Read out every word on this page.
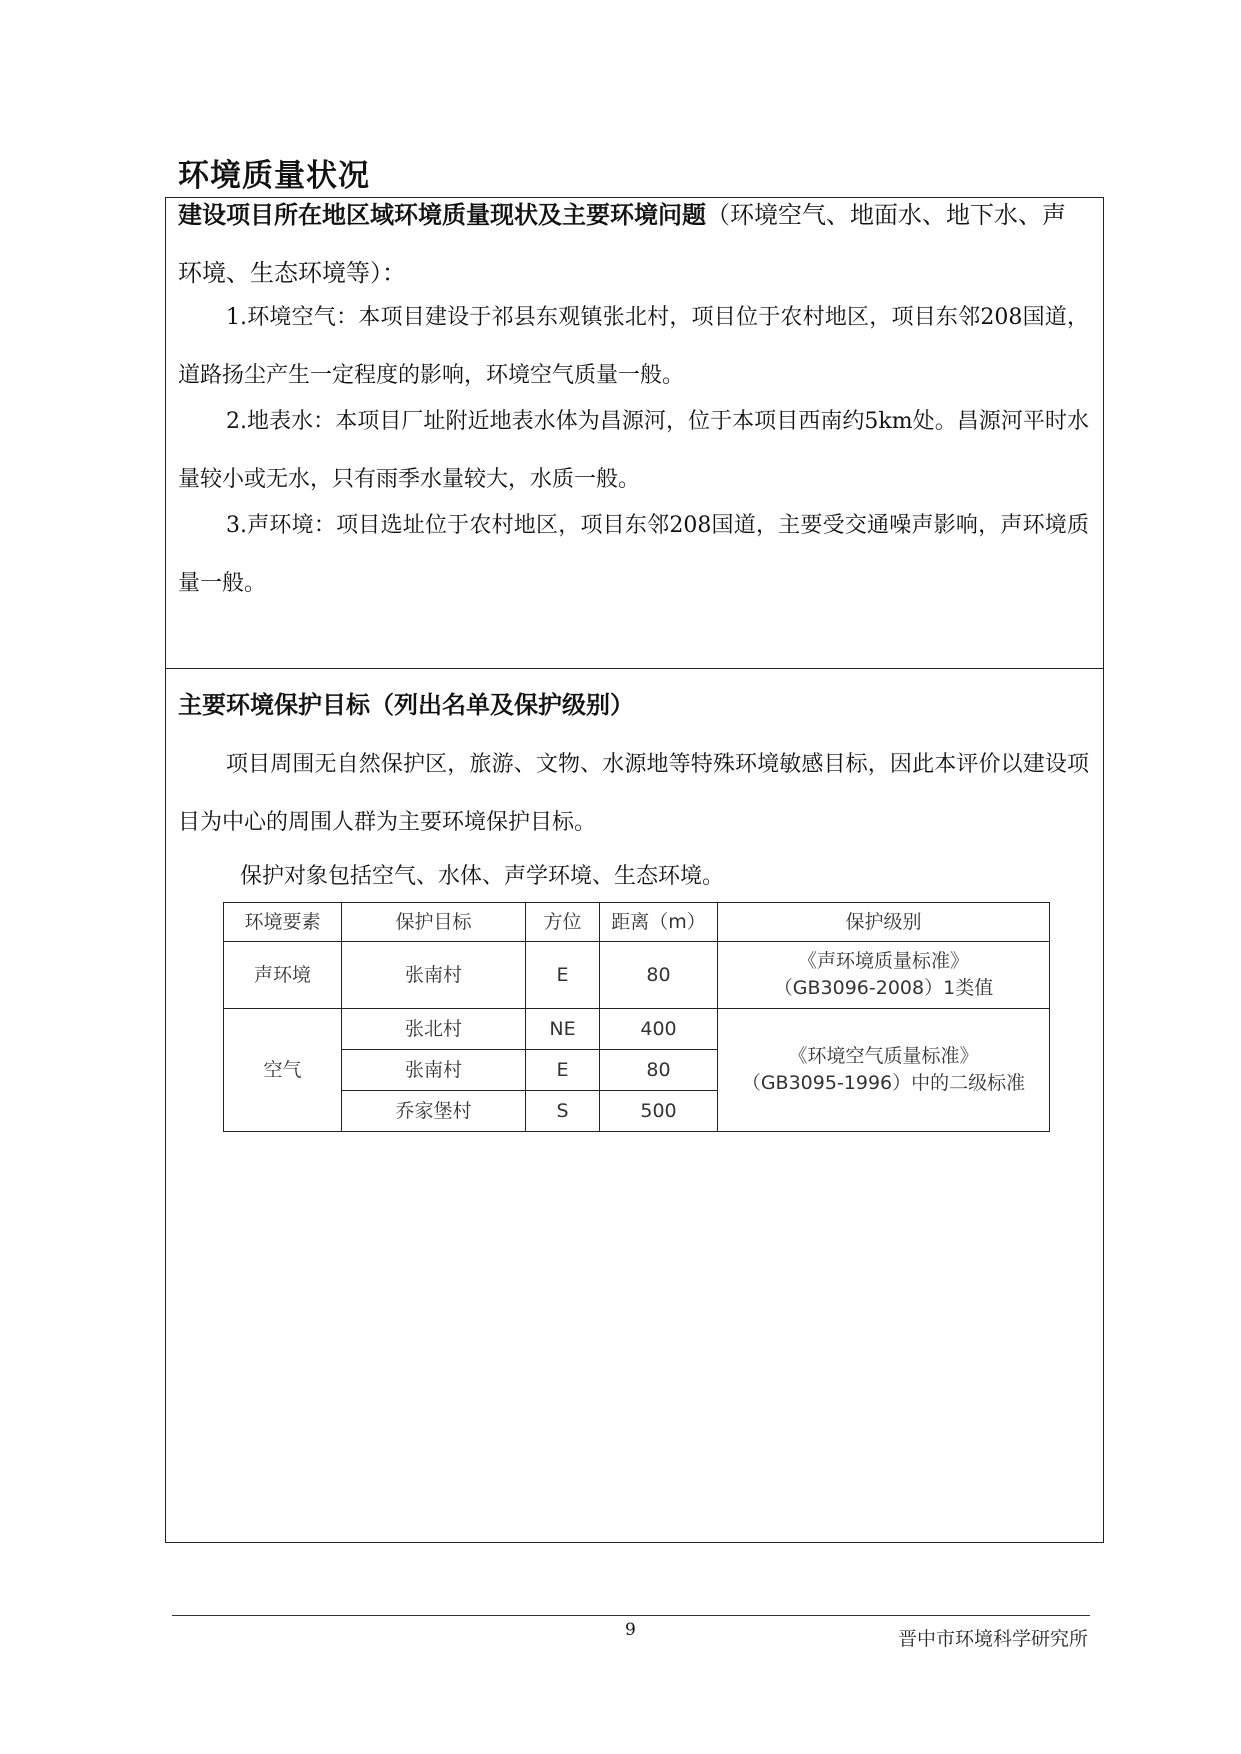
环境质量状况
建设项目所在地区域环境质量现状及主要环境问题（环境空气、地面水、地下水、声环境、生态环境等）：
1.环境空气：本项目建设于祁县东观镇张北村，项目位于农村地区，项目东邻208国道，道路扬尘产生一定程度的影响，环境空气质量一般。
2.地表水：本项目厂址附近地表水体为昌源河，位于本项目西南约5km处。昌源河平时水量较小或无水，只有雨季水量较大，水质一般。
3.声环境：项目选址位于农村地区，项目东邻208国道，主要受交通噪声影响，声环境质量一般。
主要环境保护目标（列出名单及保护级别）
项目周围无自然保护区，旅游、文物、水源地等特殊环境敏感目标，因此本评价以建设项目为中心的周围人群为主要环境保护目标。
保护对象包括空气、水体、声学环境、生态环境。
环境要素	保护目标	方位	距离（m）	保护级别
声环境	张南村	E	80	《声环境质量标准》
（GB3096-2008）1类值

空气	张北村	NE	400	《环境空气质量标准》
（GB3095-1996）中的二级标准

	张南村	E	80	
	乔家堡村	S	500	
9	晋中市环境科学研究所
